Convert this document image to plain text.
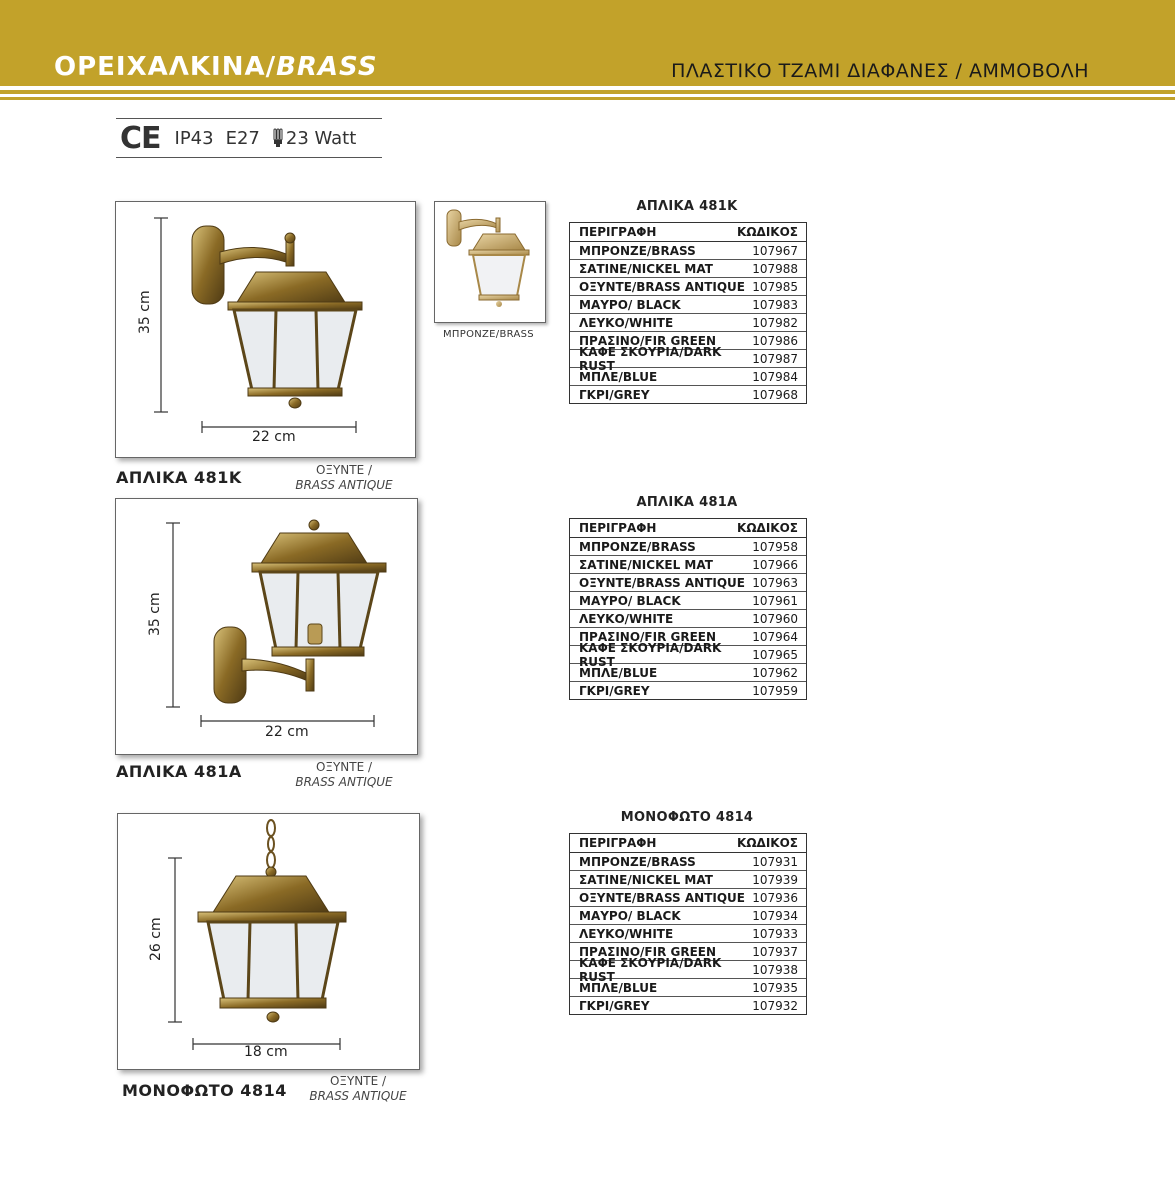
ΟΡΕΙΧΑΛΚΙΝΑ/BRASS	ΠΛΑΣΤΙΚΟ ΤΖΑΜΙ ΔΙΑΦΑΝΕΣ / ΑΜΜΟΒΟΛΗ
CE IP43 E27 23 Watt
35 cm
22 cm
ΜΠΡΟΝΖΕ/BRASS
ΑΠΛΙΚΑ 481Κ	ΟΞΥΝΤΕ /
BRASS ANTIQUE
ΑΠΛΙΚΑ 481Κ
ΠΕΡΙΓΡΑΦΗ	ΚΩΔΙΚΟΣ
ΜΠΡΟΝΖΕ/BRASS	107967
ΣΑΤΙΝΕ/NICKEL MAT	107988
ΟΞΥΝΤΕ/BRASS ANTIQUE 107985
ΜΑΥΡΟ/ BLACK	107983
ΛΕΥΚΟ/WHITE	107982
ΠΡΑΣΙΝΟ/FIR GREEN	107986
ΚΑΦΕ ΣΚΟΥΡΙΑ/DARK RUST	107987
ΜΠΛΕ/BLUE	107984
ΓΚΡΙ/GREY	107968
35 cm
22 cm
ΑΠΛΙΚΑ 481Α	ΟΞΥΝΤΕ /
BRASS ANTIQUE
ΑΠΛΙΚΑ 481Α
ΠΕΡΙΓΡΑΦΗ	ΚΩΔΙΚΟΣ
ΜΠΡΟΝΖΕ/BRASS	107958
ΣΑΤΙΝΕ/NICKEL MAT	107966
ΟΞΥΝΤΕ/BRASS ANTIQUE 107963
ΜΑΥΡΟ/ BLACK	107961
ΛΕΥΚΟ/WHITE	107960
ΠΡΑΣΙΝΟ/FIR GREEN	107964
ΚΑΦΕ ΣΚΟΥΡΙΑ/DARK RUST	107965
ΜΠΛΕ/BLUE	107962
ΓΚΡΙ/GREY	107959
26 cm
18 cm
ΜΟΝΟΦΩΤΟ 4814	ΟΞΥΝΤΕ /
BRASS ANTIQUE
ΜΟΝΟΦΩΤΟ 4814
ΠΕΡΙΓΡΑΦΗ	ΚΩΔΙΚΟΣ
ΜΠΡΟΝΖΕ/BRASS	107931
ΣΑΤΙΝΕ/NICKEL MAT	107939
ΟΞΥΝΤΕ/BRASS ANTIQUE 107936
ΜΑΥΡΟ/ BLACK	107934
ΛΕΥΚΟ/WHITE	107933
ΠΡΑΣΙΝΟ/FIR GREEN	107937
ΚΑΦΕ ΣΚΟΥΡΙΑ/DARK RUST	107938
ΜΠΛΕ/BLUE	107935
ΓΚΡΙ/GREY	107932
